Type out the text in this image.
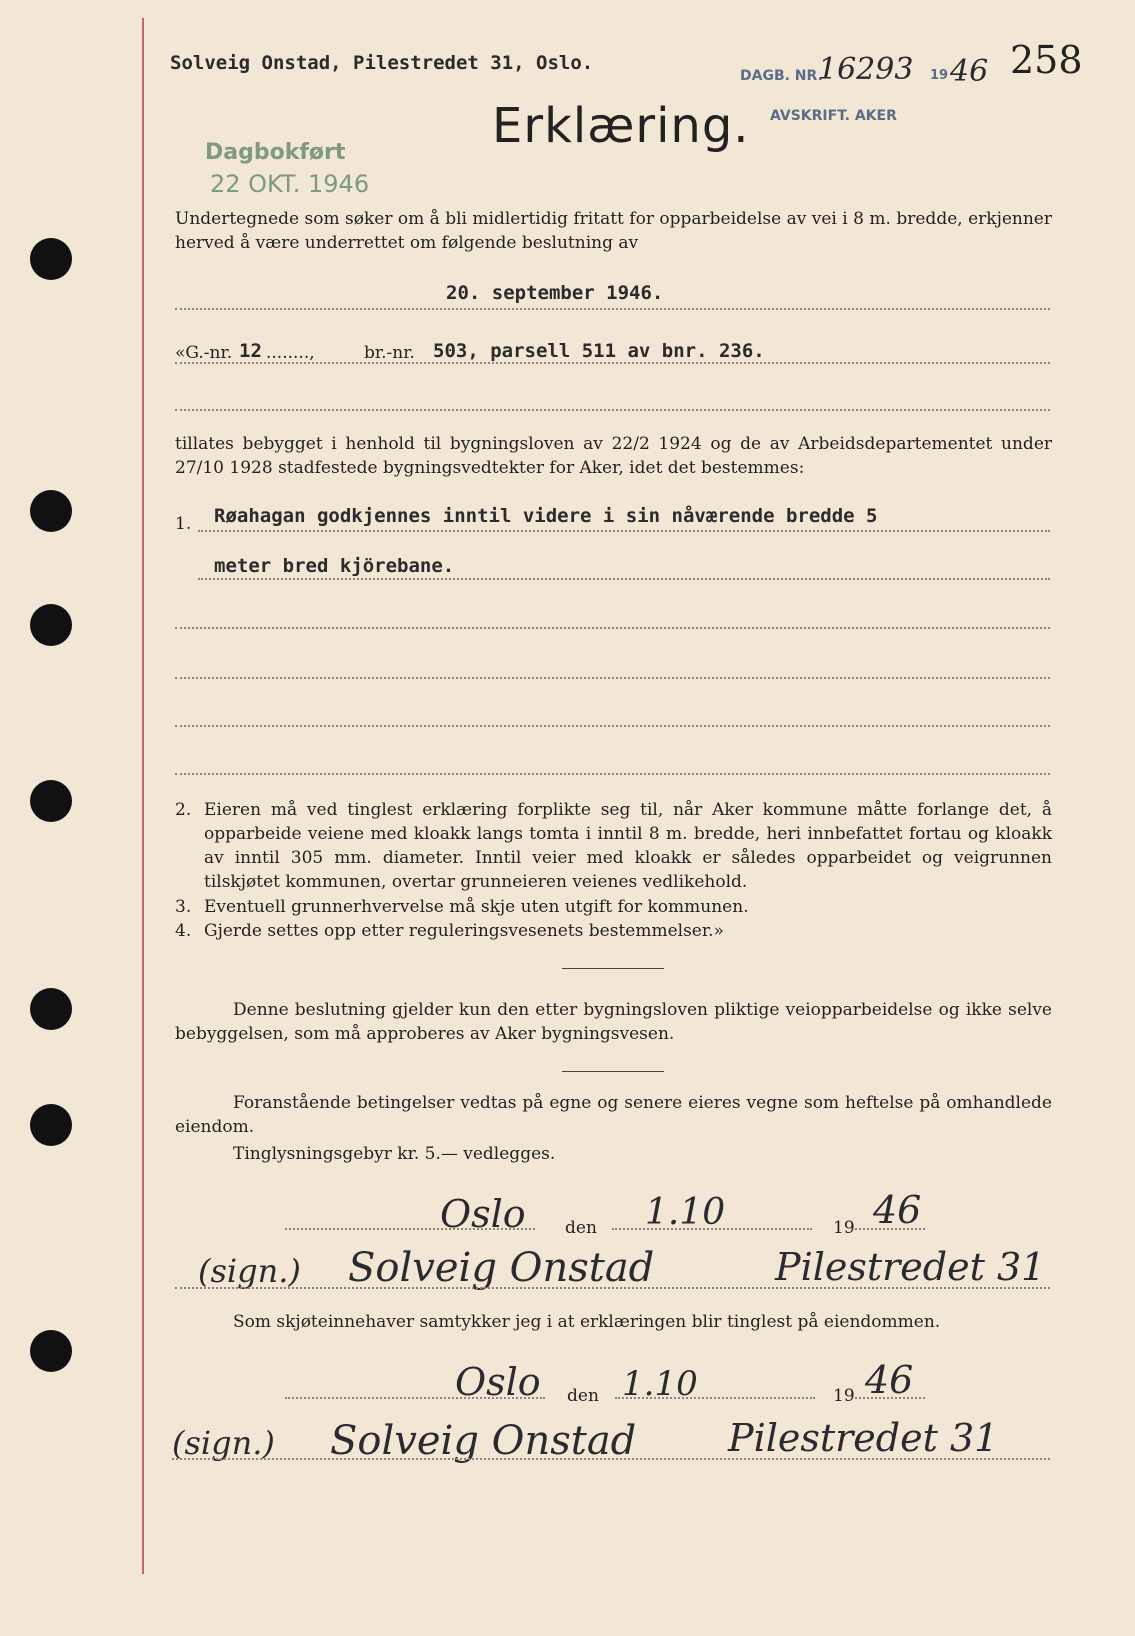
Solveig Onstad, Pilestredet 31, Oslo.	258
Erklæring.
DAGB. NR.
16293 19 46
AVSKRIFT. AKER
Dagbokført
22 OKT. 1946
Undertegnede som søker om å bli midlertidig fritatt for opparbeidelse av vei i 8 m. bredde, erkjenner herved å være underrettet om følgende beslutning av
20. september 1946.
«G.-nr. 12 ........,	br.-nr. 503, parsell 511 av bnr. 236.
tillates bebygget i henhold til bygningsloven av 22/2 1924 og de av Arbeidsdepartementet under 27/10 1928 stadfestede bygningsvedtekter for Aker, idet det bestemmes:
1. Røahagan godkjennes inntil videre i sin nåværende bredde 5
meter bred kjörebane.
2. Eieren må ved tinglest erklæring forplikte seg til, når Aker kommune måtte forlange det, å opparbeide veiene med kloakk langs tomta i inntil 8 m. bredde, heri innbefattet fortau og kloakk av inntil 305 mm. diameter. Inntil veier med kloakk er således opparbeidet og veigrunnen tilskjøtet kommunen, overtar grunneieren veienes vedlikehold.
3. Eventuell grunnerhvervelse må skje uten utgift for kommunen.
4. Gjerde settes opp etter reguleringsvesenets bestemmelser.»
Denne beslutning gjelder kun den etter bygningsloven pliktige veiopparbeidelse og ikke selve bebyggelsen, som må approberes av Aker bygningsvesen.
Foranstående betingelser vedtas på egne og senere eieres vegne som heftelse på omhandlede eiendom.
Tinglysningsgebyr kr. 5.— vedlegges.
Oslo den 1.10	19 46
(sign.) Solveig Onstad	Pilestredet 31
Som skjøteinnehaver samtykker jeg i at erklæringen blir tinglest på eiendommen.
Oslo den 1.10	19 46
(sign.) Solveig Onstad Pilestredet 31
